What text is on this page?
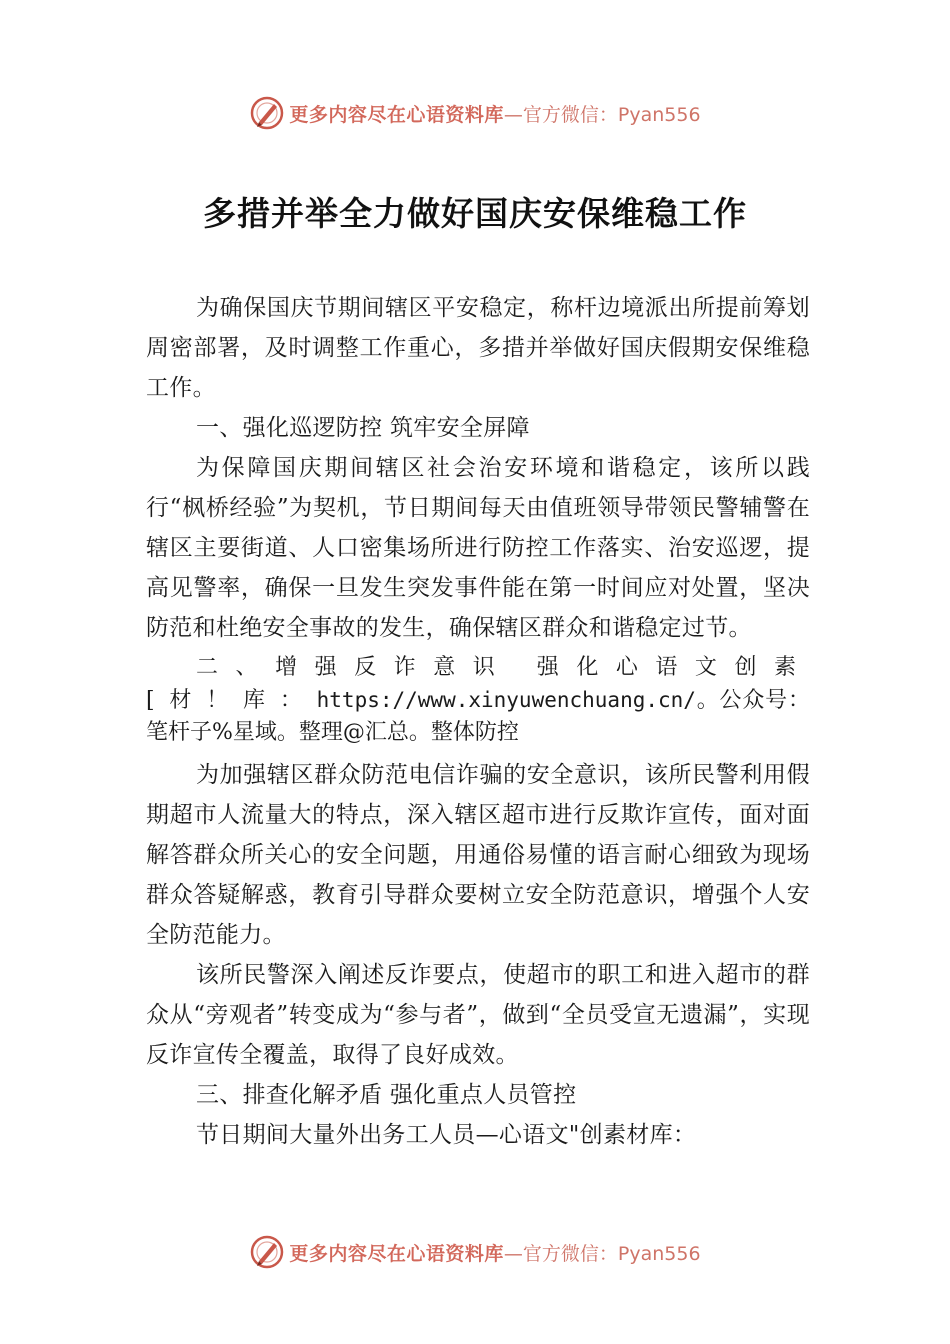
更多内容尽在心语资料库 —官方微信：Pyan556
多措并举全力做好国庆安保维稳工作

为确保国庆节期间辖区平安稳定，称杆边境派出所提前筹划周密部署，及时调整工作重心，多措并举做好国庆假期安保维稳工作。

一、强化巡逻防控 筑牢安全屏障

为保障国庆期间辖区社会治安环境和谐稳定，该所以践行“枫桥经验”为契机，节日期间每天由值班领导带领民警辅警在辖区主要街道、人口密集场所进行防控工作落实、治安巡逻，提高见警率，确保一旦发生突发事件能在第一时间应对处置，坚决防范和杜绝安全事故的发生，确保辖区群众和谐稳定过节。

二、增强反诈意识 强化心语文创素[材！库：https://www.xinyuwenchuang.cn/。公众号：笔杆子%星域。整理@汇总。整体防控

为加强辖区群众防范电信诈骗的安全意识，该所民警利用假期超市人流量大的特点，深入辖区超市进行反欺诈宣传，面对面解答群众所关心的安全问题，用通俗易懂的语言耐心细致为现场群众答疑解惑，教育引导群众要树立安全防范意识，增强个人安全防范能力。

该所民警深入阐述反诈要点，使超市的职工和进入超市的群众从“旁观者”转变成为“参与者”，做到“全员受宣无遗漏”，实现反诈宣传全覆盖，取得了良好成效。

三、排查化解矛盾 强化重点人员管控

节日期间大量外出务工人员—心语文"创素材库：

更多内容尽在心语资料库 —官方微信：Pyan556
